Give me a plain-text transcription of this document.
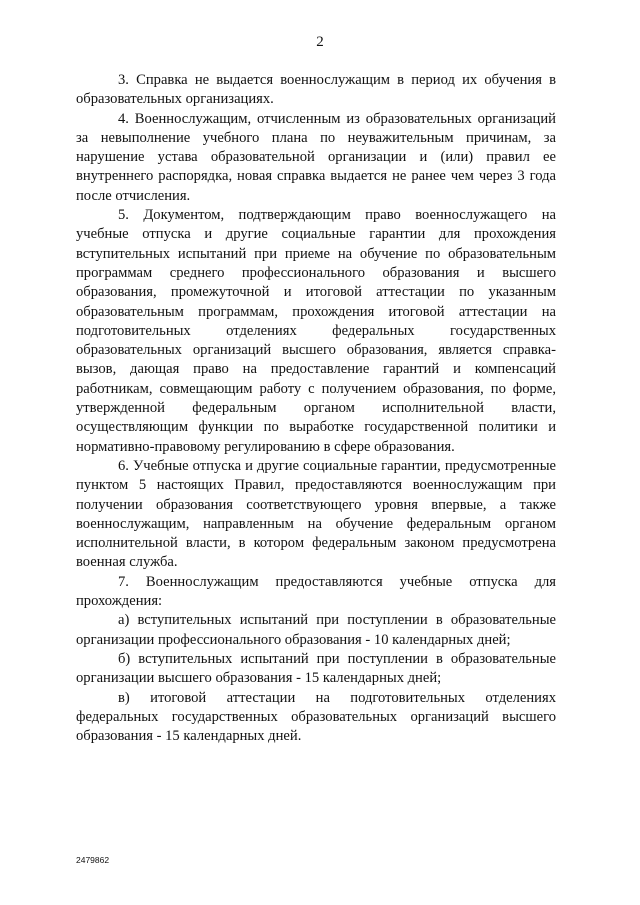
2

3. Справка не выдается военнослужащим в период их обучения в образовательных организациях.

4. Военнослужащим, отчисленным из образовательных организаций за невыполнение учебного плана по неуважительным причинам, за нарушение устава образовательной организации и (или) правил ее внутреннего распорядка, новая справка выдается не ранее чем через 3 года после отчисления.

5. Документом, подтверждающим право военнослужащего на учебные отпуска и другие социальные гарантии для прохождения вступительных испытаний при приеме на обучение по образовательным программам среднего профессионального образования и высшего образования, промежуточной и итоговой аттестации по указанным образовательным программам, прохождения итоговой аттестации на подготовительных отделениях федеральных государственных образовательных организаций высшего образования, является справка-вызов, дающая право на предоставление гарантий и компенсаций работникам, совмещающим работу с получением образования, по форме, утвержденной федеральным органом исполнительной власти, осуществляющим функции по выработке государственной политики и нормативно-правовому регулированию в сфере образования.

6. Учебные отпуска и другие социальные гарантии, предусмотренные пунктом 5 настоящих Правил, предоставляются военнослужащим при получении образования соответствующего уровня впервые, а также военнослужащим, направленным на обучение федеральным органом исполнительной власти, в котором федеральным законом предусмотрена военная служба.

7. Военнослужащим предоставляются учебные отпуска для прохождения:

а) вступительных испытаний при поступлении в образовательные организации профессионального образования - 10 календарных дней;

б) вступительных испытаний при поступлении в образовательные организации высшего образования - 15 календарных дней;

в) итоговой аттестации на подготовительных отделениях федеральных государственных образовательных организаций высшего образования - 15 календарных дней.

2479862
